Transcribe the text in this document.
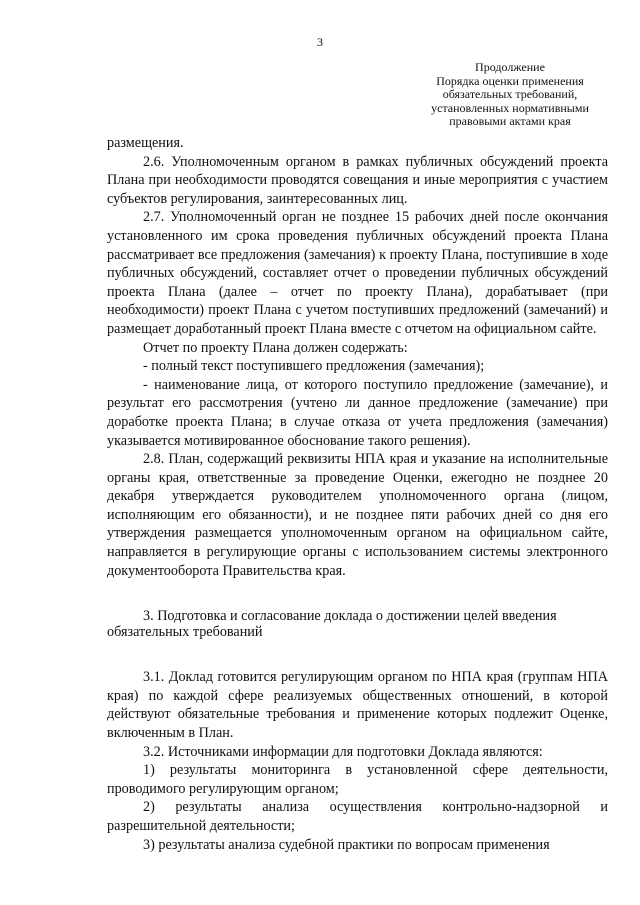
3
Продолжение
Порядка оценки применения
обязательных требований,
установленных нормативными
правовыми актами края

размещения.

2.6. Уполномоченным органом в рамках публичных обсуждений проекта Плана при необходимости проводятся совещания и иные мероприятия с участием субъектов регулирования, заинтересованных лиц.

2.7. Уполномоченный орган не позднее 15 рабочих дней после окончания установленного им срока проведения публичных обсуждений проекта Плана рассматривает все предложения (замечания) к проекту Плана, поступившие в ходе публичных обсуждений, составляет отчет о проведении публичных обсуждений проекта Плана (далее – отчет по проекту Плана), дорабатывает (при необходимости) проект Плана с учетом поступивших предложений (замечаний) и размещает доработанный проект Плана вместе с отчетом на официальном сайте.

Отчет по проекту Плана должен содержать:

- полный текст поступившего предложения (замечания);

- наименование лица, от которого поступило предложение (замечание), и результат его рассмотрения (учтено ли данное предложение (замечание) при доработке проекта Плана; в случае отказа от учета предложения (замечания) указывается мотивированное обоснование такого решения).

2.8. План, содержащий реквизиты НПА края и указание на исполнительные органы края, ответственные за проведение Оценки, ежегодно не позднее 20 декабря утверждается руководителем уполномоченного органа (лицом, исполняющим его обязанности), и не позднее пяти рабочих дней со дня его утверждения размещается уполномоченным органом на официальном сайте, направляется в регулирующие органы с использованием системы электронного документооборота Правительства края.

3. Подготовка и согласование доклада о достижении целей введения обязательных требований

3.1. Доклад готовится регулирующим органом по НПА края (группам НПА края) по каждой сфере реализуемых общественных отношений, в которой действуют обязательные требования и применение которых подлежит Оценке, включенным в План.

3.2. Источниками информации для подготовки Доклада являются:

1) результаты мониторинга в установленной сфере деятельности, проводимого регулирующим органом;

2) результаты анализа осуществления контрольно-надзорной и разрешительной деятельности;

3) результаты анализа судебной практики по вопросам применения
